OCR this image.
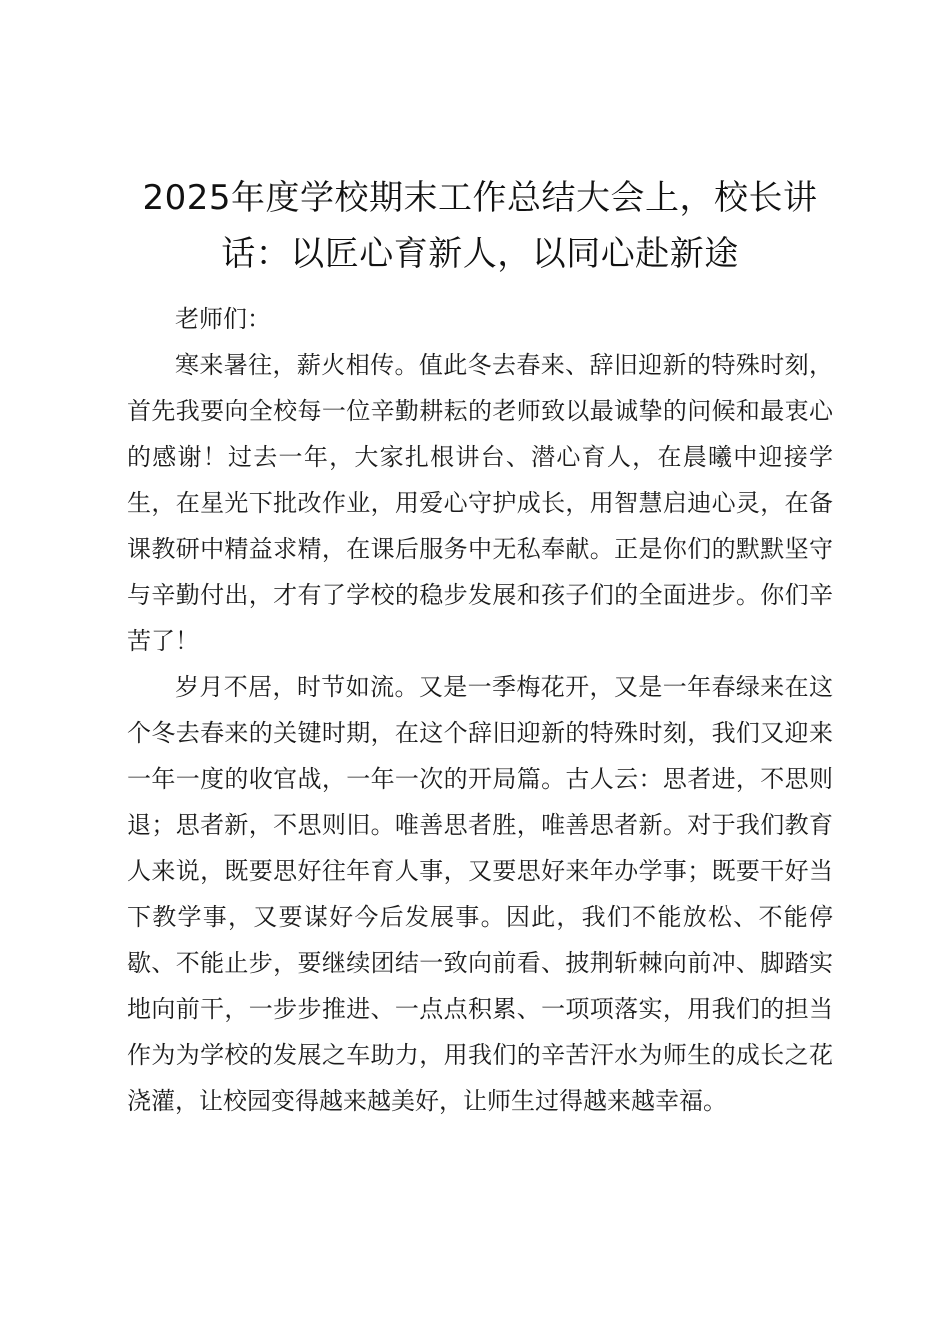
2025年度学校期末工作总结大会上，校长讲话：以匠心育新人，以同心赴新途

老师们：

寒来暑往，薪火相传。值此冬去春来、辞旧迎新的特殊时刻，首先我要向全校每一位辛勤耕耘的老师致以最诚挚的问候和最衷心的感谢！过去一年，大家扎根讲台、潜心育人，在晨曦中迎接学生，在星光下批改作业，用爱心守护成长，用智慧启迪心灵，在备课教研中精益求精，在课后服务中无私奉献。正是你们的默默坚守与辛勤付出，才有了学校的稳步发展和孩子们的全面进步。你们辛苦了！

岁月不居，时节如流。又是一季梅花开，又是一年春绿来在这个冬去春来的关键时期，在这个辞旧迎新的特殊时刻，我们又迎来一年一度的收官战，一年一次的开局篇。古人云：思者进，不思则退；思者新，不思则旧。唯善思者胜，唯善思者新。对于我们教育人来说，既要思好往年育人事，又要思好来年办学事；既要干好当下教学事，又要谋好今后发展事。因此，我们不能放松、不能停歇、不能止步，要继续团结一致向前看、披荆斩棘向前冲、脚踏实地向前干，一步步推进、一点点积累、一项项落实，用我们的担当作为为学校的发展之车助力，用我们的辛苦汗水为师生的成长之花浇灌，让校园变得越来越美好，让师生过得越来越幸福。
